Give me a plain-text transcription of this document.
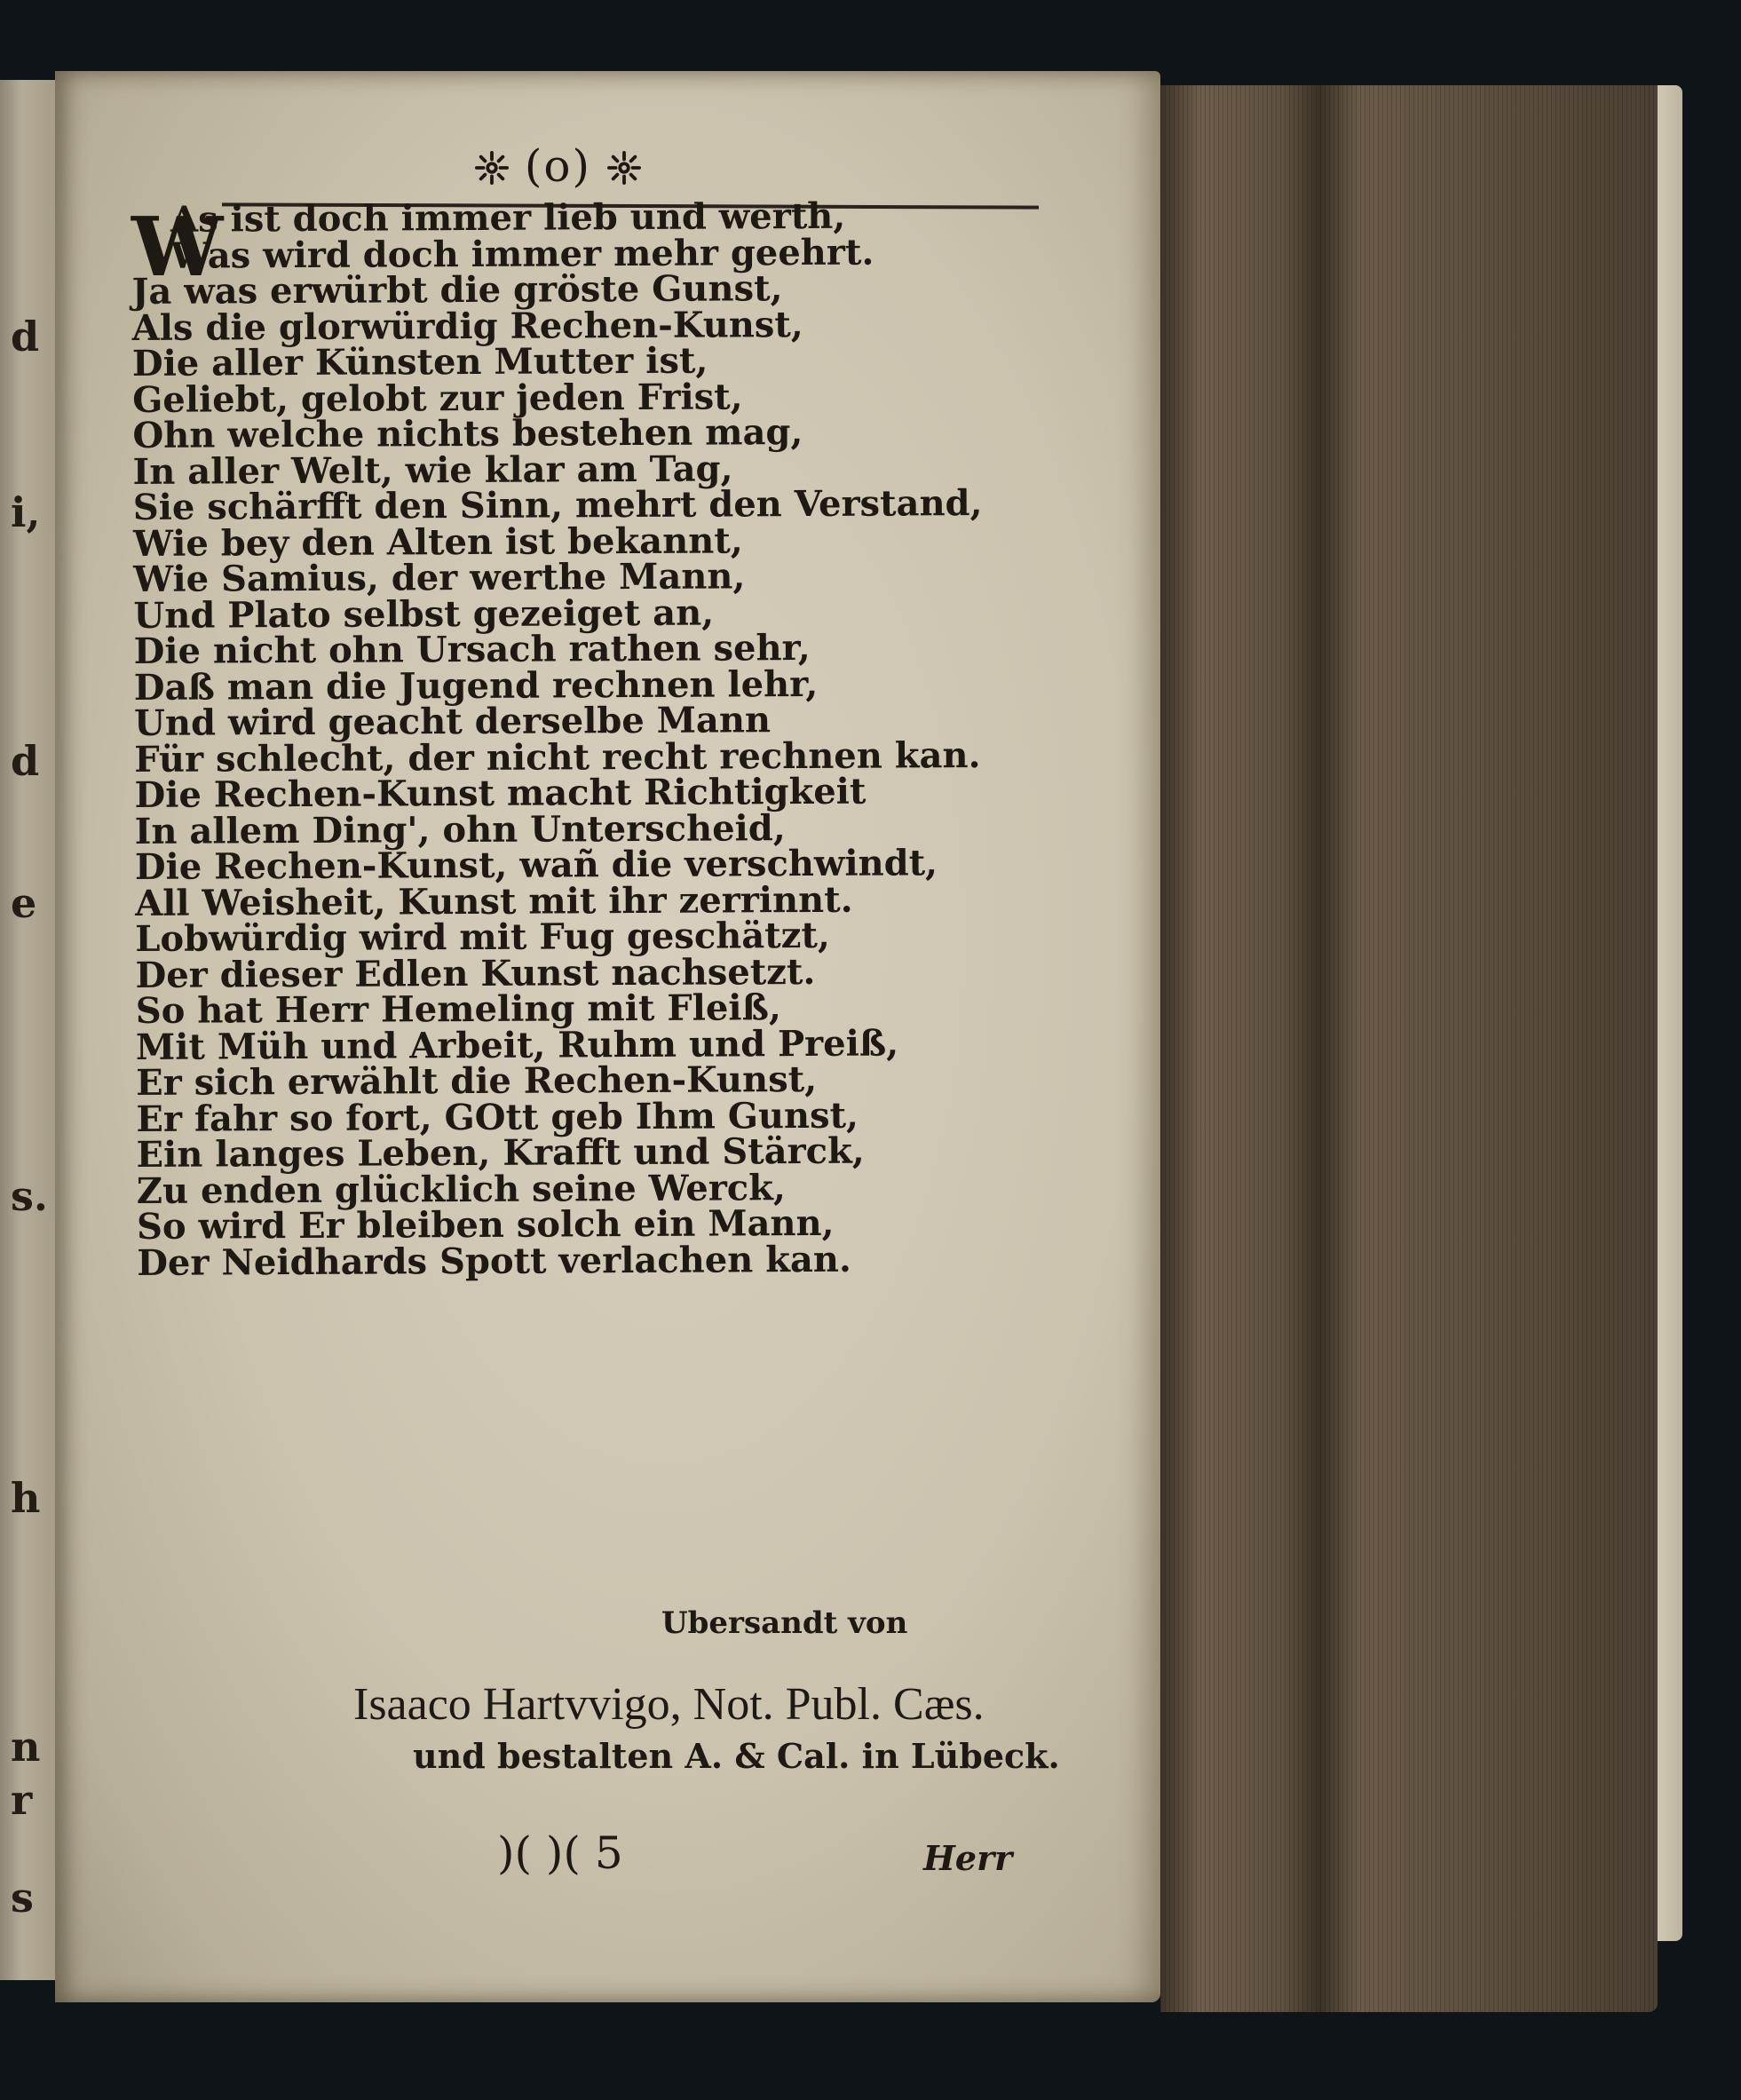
d
i,
d
e
s.
h
n
r
s
(o)
W
As ist doch immer lieb und werth,
Was wird doch immer mehr geehrt.
Ja was erwürbt die gröste Gunst,
Als die glorwürdig Rechen-Kunst,
Die aller Künsten Mutter ist,
Geliebt, gelobt zur jeden Frist,
Ohn welche nichts bestehen mag,
In aller Welt, wie klar am Tag,
Sie schärfft den Sinn, mehrt den Verstand,
Wie bey den Alten ist bekannt,
Wie Samius, der werthe Mann,
Und Plato selbst gezeiget an,
Die nicht ohn Ursach rathen sehr,
Daß man die Jugend rechnen lehr,
Und wird geacht derselbe Mann
Für schlecht, der nicht recht rechnen kan.
Die Rechen-Kunst macht Richtigkeit
In allem Ding', ohn Unterscheid,
Die Rechen-Kunst, wañ die verschwindt,
All Weisheit, Kunst mit ihr zerrinnt.
Lobwürdig wird mit Fug geschätzt,
Der dieser Edlen Kunst nachsetzt.
So hat Herr Hemeling mit Fleiß,
Mit Müh und Arbeit, Ruhm und Preiß,
Er sich erwählt die Rechen-Kunst,
Er fahr so fort, GOtt geb Ihm Gunst,
Ein langes Leben, Krafft und Stärck,
Zu enden glücklich seine Werck,
So wird Er bleiben solch ein Mann,
Der Neidhards Spott verlachen kan.
Ubersandt von
Isaaco Hartvvigo, Not. Publ. Cæs.
und bestalten A. & Cal. in Lübeck.
)( )( 5	Herr
